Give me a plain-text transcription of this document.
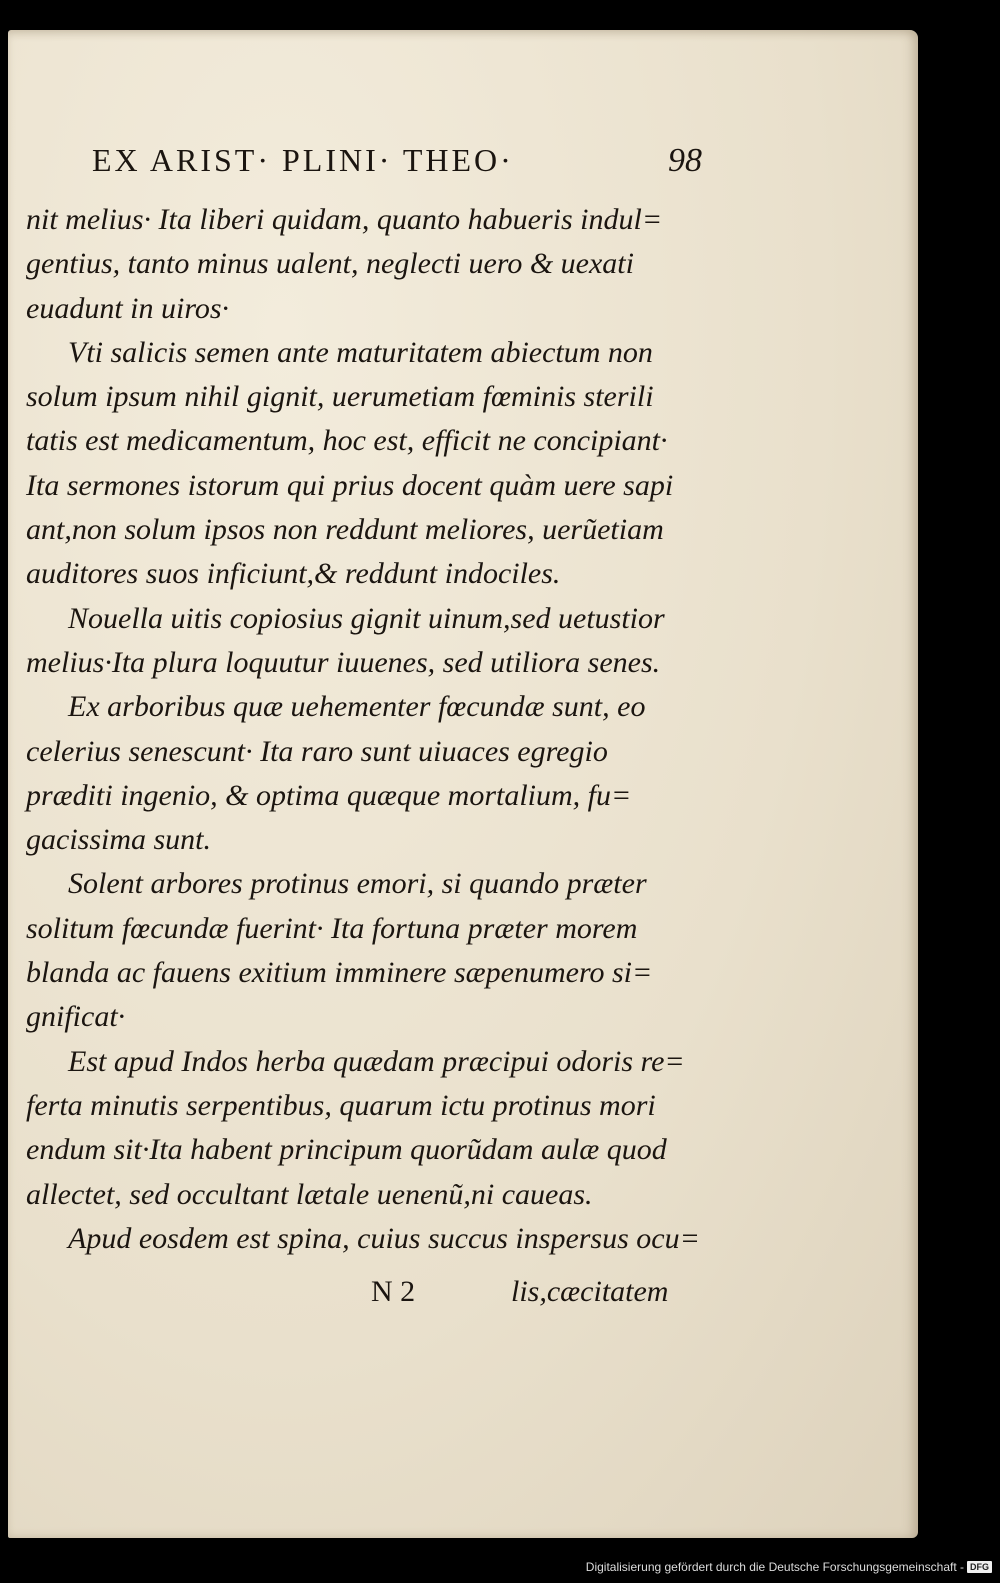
EX ARIST· PLINI· THEO·	98
nit melius· Ita liberi quidam, quanto habueris indul=
gentius, tanto minus ualent, neglecti uero & uexati
euadunt in uiros·
Vti salicis semen ante maturitatem abiectum non
solum ipsum nihil gignit, uerumetiam fœminis sterili
tatis est medicamentum, hoc est, efficit ne concipiant·
Ita sermones istorum qui prius docent quàm uere sapi
ant,non solum ipsos non reddunt meliores, uerũetiam
auditores suos inficiunt,& reddunt indociles.
Nouella uitis copiosius gignit uinum,sed uetustior
melius·Ita plura loquutur iuuenes, sed utiliora senes.
Ex arboribus quæ uehementer fœcundæ sunt, eo
celerius senescunt· Ita raro sunt uiuaces egregio
præditi ingenio, & optima quæque mortalium, fu=
gacissima sunt.
Solent arbores protinus emori, si quando præter
solitum fœcundæ fuerint· Ita fortuna præter morem
blanda ac fauens exitium imminere sæpenumero si=
gnificat·
Est apud Indos herba quædam præcipui odoris re=
ferta minutis serpentibus, quarum ictu protinus mori
endum sit·Ita habent principum quorũdam aulæ quod
allectet, sed occultant lætale uenenũ,ni caueas.
Apud eosdem est spina, cuius succus inspersus ocu=
N 2	lis,cæcitatem
Digitalisierung gefördert durch die Deutsche Forschungsgemeinschaft - DFG
